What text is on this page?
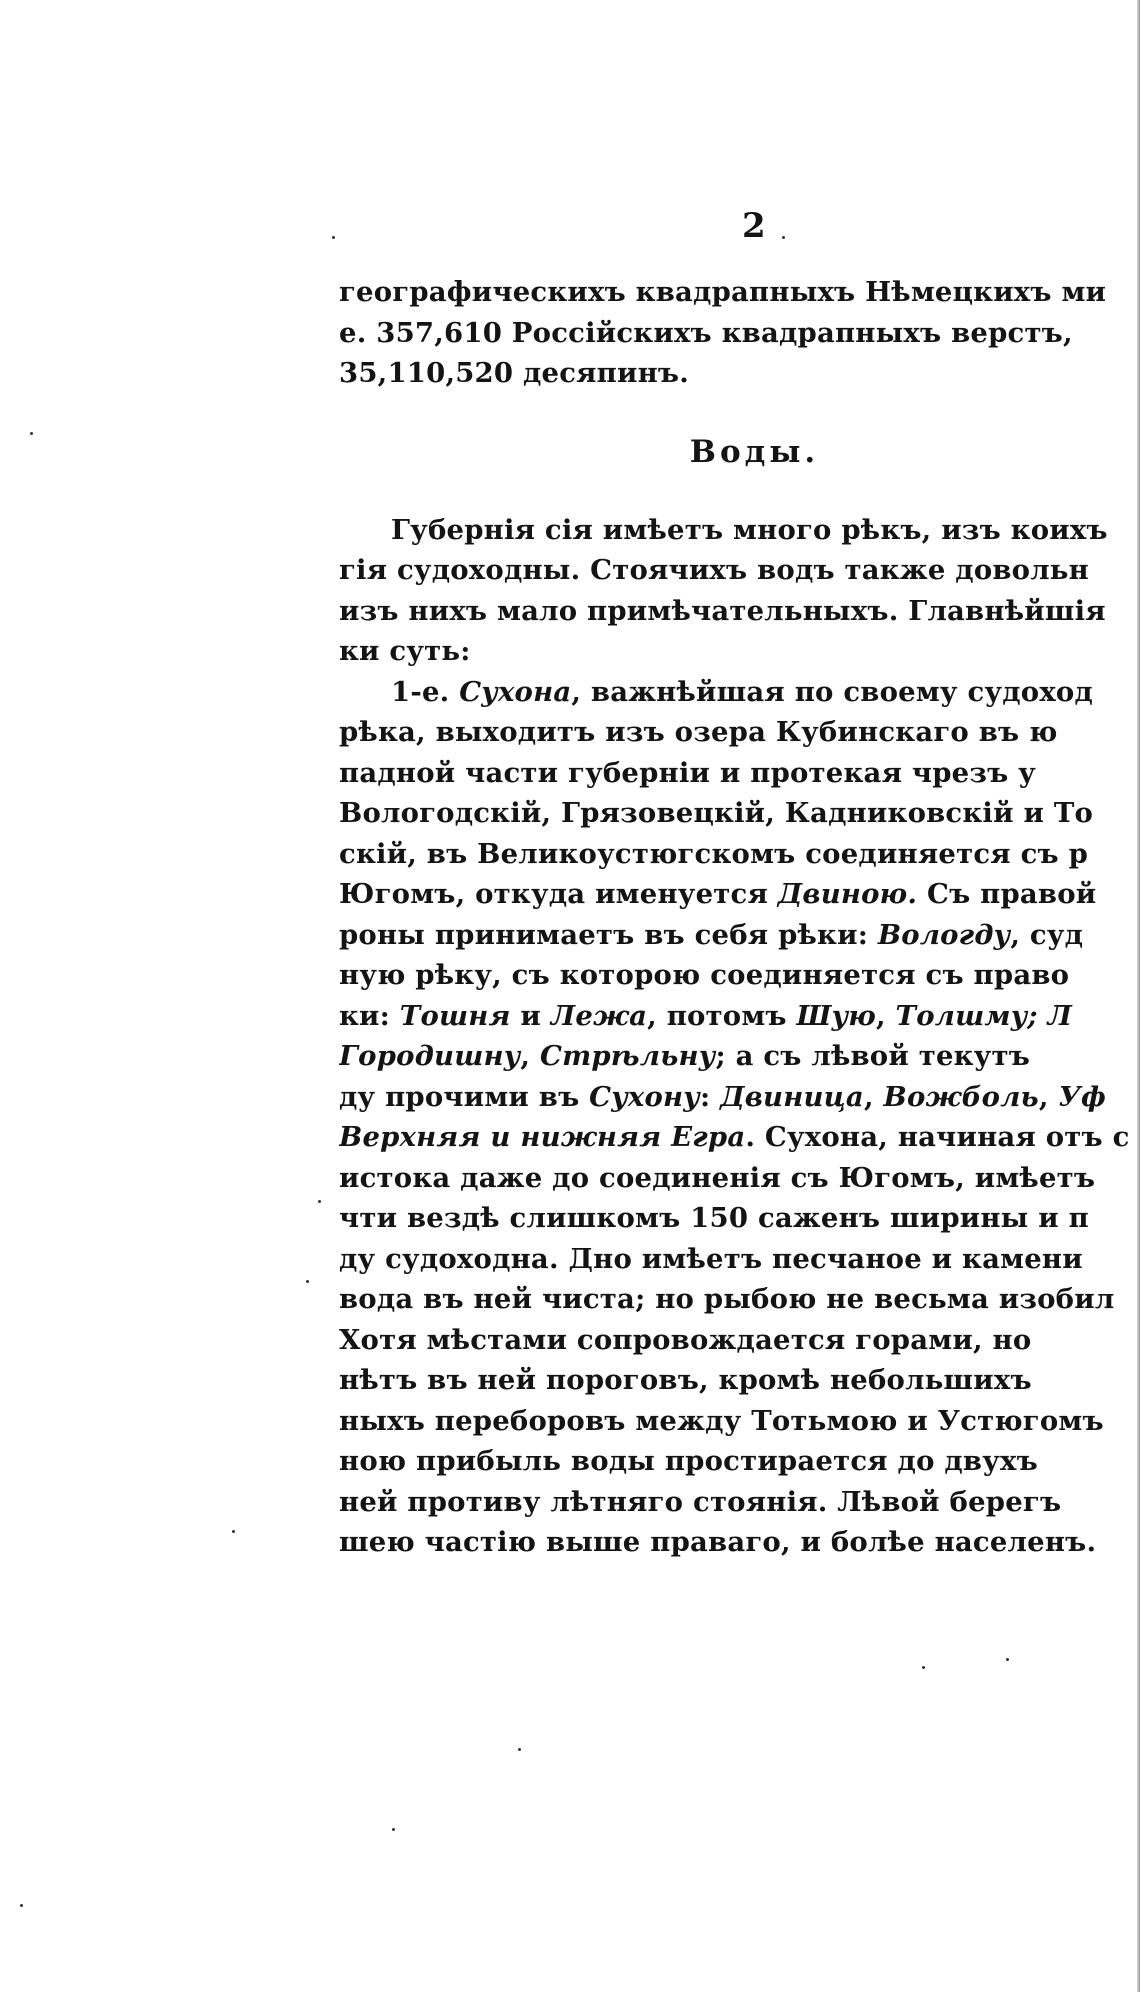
2
географическихъ квадрапныхъ Нѣмецкихъ ми
е. 357,610 Россійскихъ квадрапныхъ верстъ,
35,110,520 десяпинъ.
Воды.
Губернія сія имѣетъ много рѣкъ, изъ коихъ
гія судоходны. Стоячихъ водъ также довольн
изъ нихъ мало примѣчательныхъ. Главнѣйшія
ки суть:
1-е. Сухона, важнѣйшая по своему судоход
рѣка, выходитъ изъ озера Кубинскаго въ ю
падной части губерніи и протекая чрезъ у
Вологодскій, Грязовецкій, Кадниковскій и То
скій, въ Великоустюгскомъ соединяется съ р
Югомъ, откуда именуется Двиною. Съ правой
роны принимаетъ въ себя рѣки: Вологду, суд
ную рѣку, съ которою соединяется съ право
ки: Тошня и Лежа, потомъ Шую, Толшму; Л
Городишну, Стрѣльну; а съ лѣвой текутъ
ду прочими въ Сухону: Двиница, Вожболь, Уф
Верхняя и нижняя Егра. Сухона, начиная отъ с
истока даже до соединенія съ Югомъ, имѣетъ
чти вездѣ слишкомъ 150 саженъ ширины и п
ду судоходна. Дно имѣетъ песчаное и камени
вода въ ней чиста; но рыбою не весьма изобил
Хотя мѣстами сопровождается горами, но
нѣтъ въ ней пороговъ, кромѣ небольшихъ
ныхъ переборовъ между Тотьмою и Устюгомъ
ною прибыль воды простирается до двухъ
ней противу лѣтняго стоянія. Лѣвой берегъ
шею частію выше праваго, и болѣе населенъ.
